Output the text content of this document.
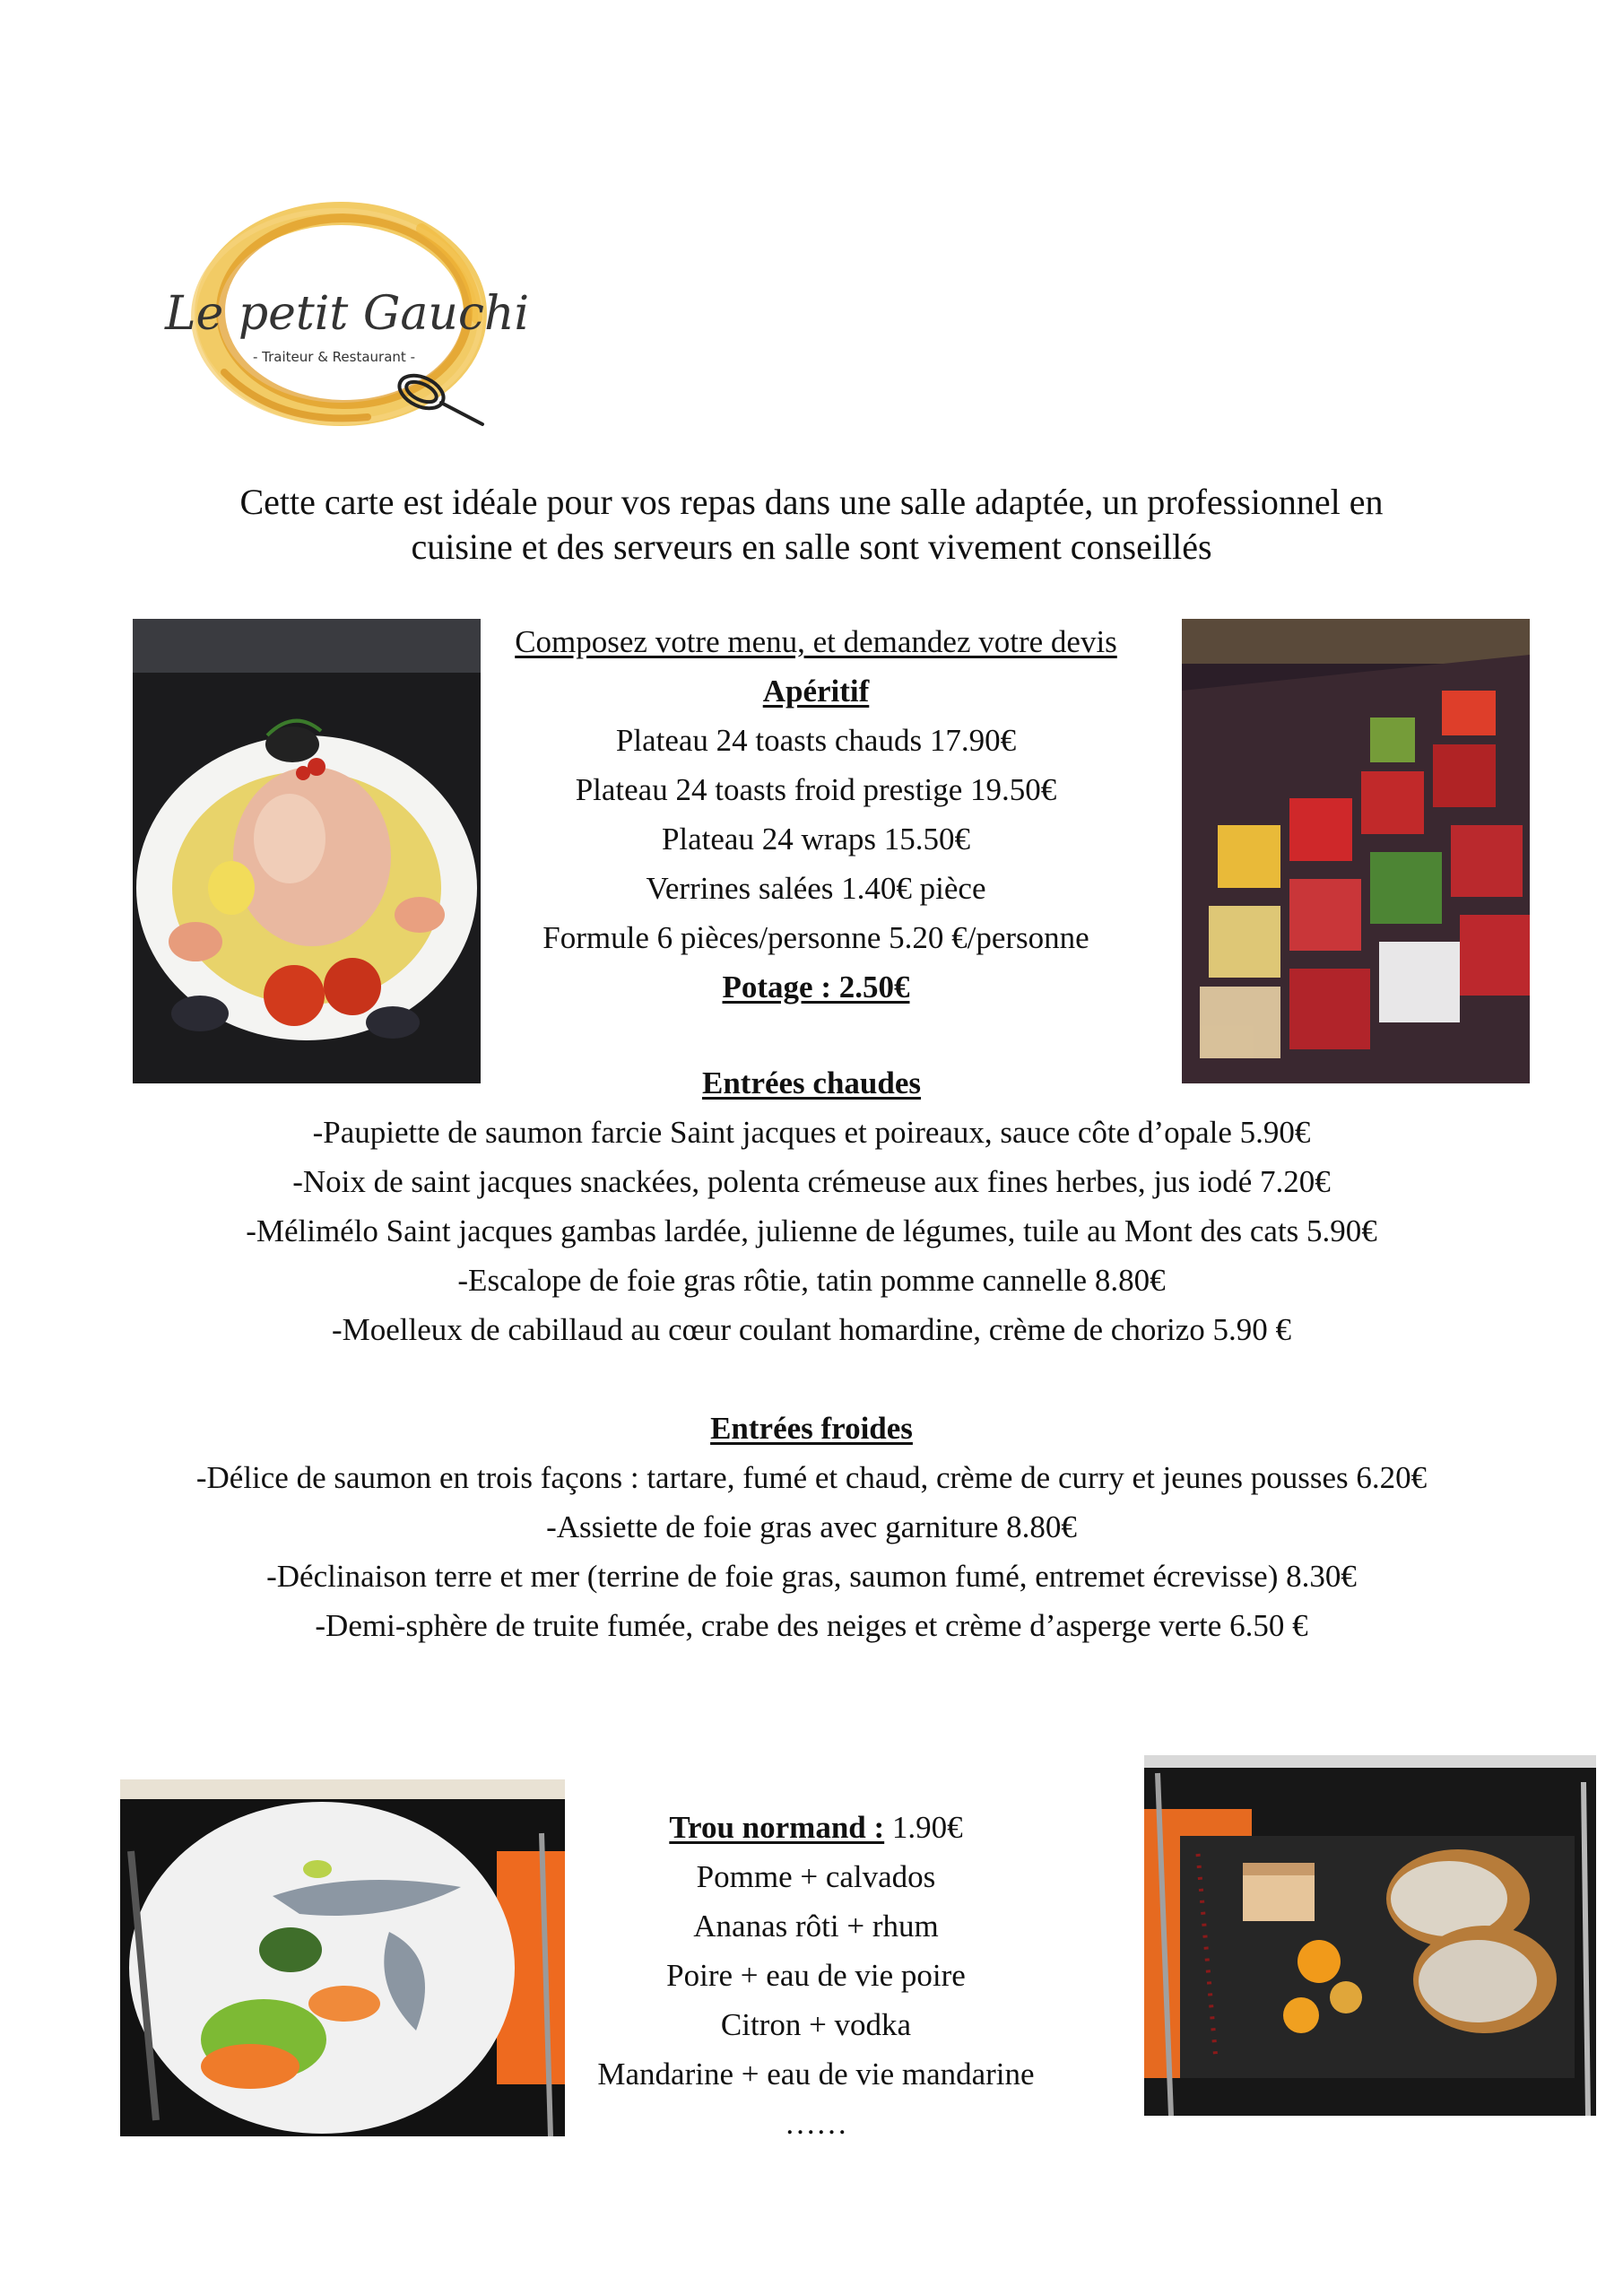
Le petit Gauchin
- Traiteur & Restaurant -

Cette carte est idéale pour vos repas dans une salle adaptée, un professionnel en

cuisine et des serveurs en salle sont vivement conseillés

Composez votre menu, et demandez votre devis
Apéritif
Plateau 24 toasts chauds 17.90€
Plateau 24 toasts froid prestige 19.50€
Plateau 24 wraps 15.50€
Verrines salées 1.40€ pièce
Formule 6 pièces/personne 5.20 €/personne
Potage : 2.50€
Entrées chaudes
-Paupiette de saumon farcie Saint jacques et poireaux, sauce côte d’opale 5.90€
-Noix de saint jacques snackées, polenta crémeuse aux fines herbes, jus iodé 7.20€
-Mélimélo Saint jacques gambas lardée, julienne de légumes, tuile au Mont des cats 5.90€
-Escalope de foie gras rôtie, tatin pomme cannelle 8.80€
-Moelleux de cabillaud au cœur coulant homardine, crème de chorizo 5.90 €
Entrées froides
-Délice de saumon en trois façons : tartare, fumé et chaud, crème de curry et jeunes pousses 6.20€
-Assiette de foie gras avec garniture 8.80€
-Déclinaison terre et mer (terrine de foie gras, saumon fumé, entremet écrevisse) 8.30€
-Demi-sphère de truite fumée, crabe des neiges et crème d’asperge verte 6.50 €
Trou normand : 1.90€
Pomme + calvados
Ananas rôti + rhum
Poire + eau de vie poire
Citron + vodka
Mandarine + eau de vie mandarine
……
